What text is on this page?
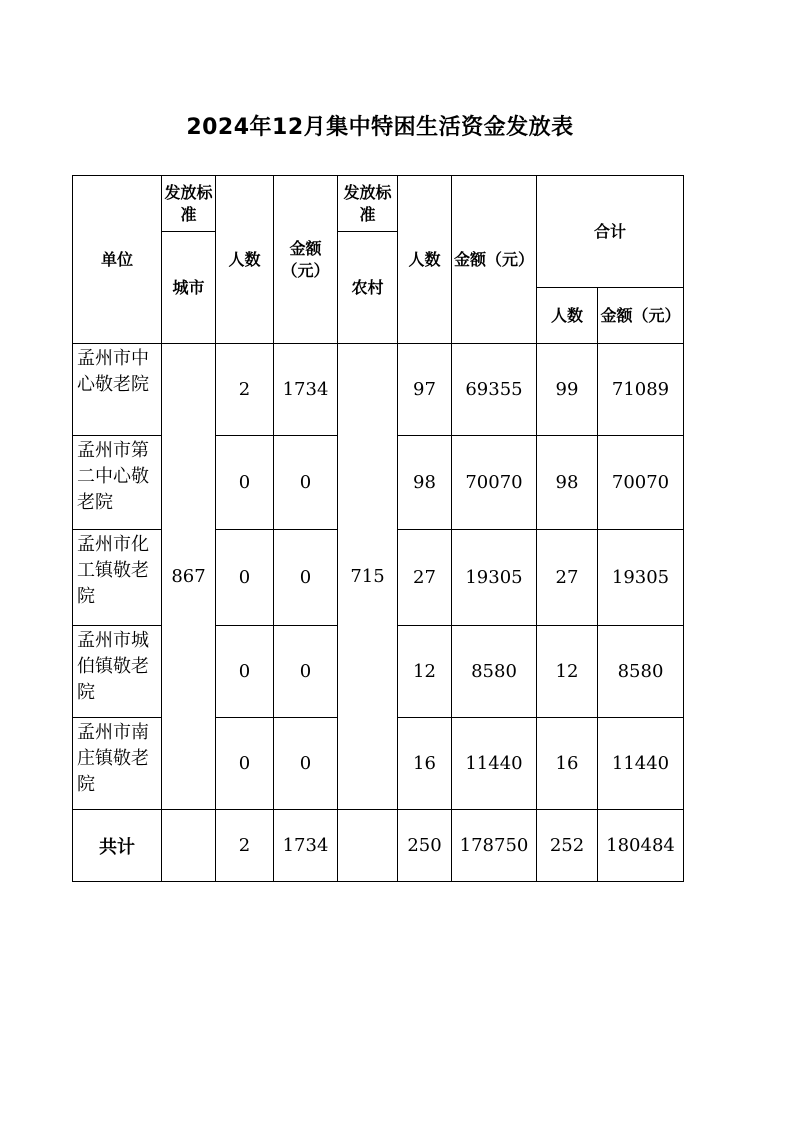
2024年12月集中特困生活资金发放表
单位	发放标准	人数	金额（元）	发放标准	人数	金额（元）	合计	
	城市			农村				
							人数	金额（元）

孟州市中心敬老院	867	2	1734	715	97	69355	99	71089

孟州市第二中心敬老院		0	0		98	70070	98	70070

孟州市化工镇敬老院		0	0		27	19305	27	19305

孟州市城伯镇敬老院		0	0		12	8580	12	8580

孟州市南庄镇敬老院		0	0		16	11440	16	11440
共计		2	1734		250	178750	252	180484
